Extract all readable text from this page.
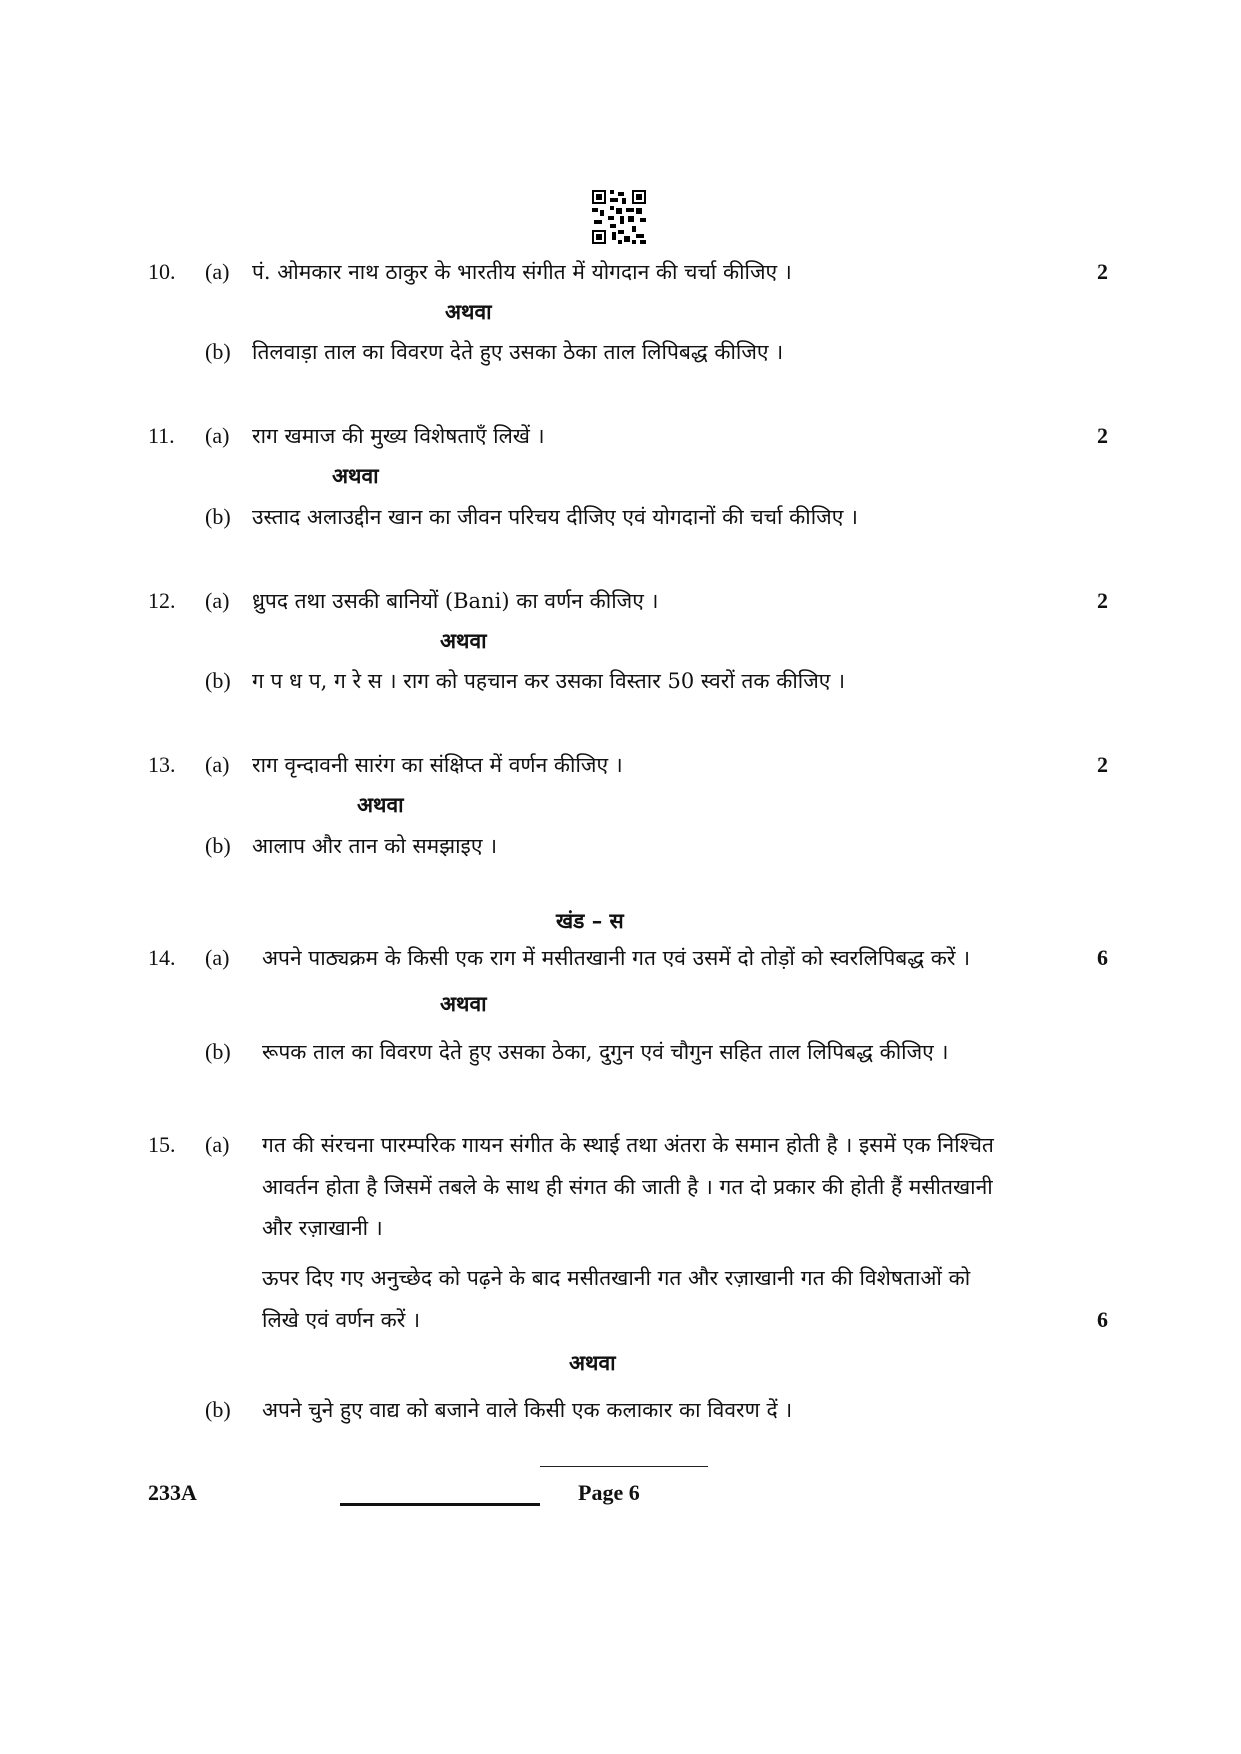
10. (a) पं. ओमकार नाथ ठाकुर के भारतीय संगीत में योगदान की चर्चा कीजिए ।	2
अथवा
(b) तिलवाड़ा ताल का विवरण देते हुए उसका ठेका ताल लिपिबद्ध कीजिए ।
11. (a) राग खमाज की मुख्य विशेषताएँ लिखें ।	2
अथवा
(b) उस्ताद अलाउद्दीन खान का जीवन परिचय दीजिए एवं योगदानों की चर्चा कीजिए ।
12. (a) ध्रुपद तथा उसकी बानियों (Bani) का वर्णन कीजिए ।	2
अथवा
(b) ग प ध प, ग रे स । राग को पहचान कर उसका विस्तार 50 स्वरों तक कीजिए ।
13. (a) राग वृन्दावनी सारंग का संक्षिप्त में वर्णन कीजिए ।	2
अथवा
(b) आलाप और तान को समझाइए ।
खंड – स
14. (a) अपने पाठ्यक्रम के किसी एक राग में मसीतखानी गत एवं उसमें दो तोड़ों को स्वरलिपिबद्ध करें ।	6
अथवा
(b) रूपक ताल का विवरण देते हुए उसका ठेका, दुगुन एवं चौगुन सहित ताल लिपिबद्ध कीजिए ।
15. (a) गत की संरचना पारम्परिक गायन संगीत के स्थाई तथा अंतरा के समान होती है । इसमें एक निश्चित
आवर्तन होता है जिसमें तबले के साथ ही संगत की जाती है । गत दो प्रकार की होती हैं मसीतखानी
और रज़ाखानी ।
ऊपर दिए गए अनुच्छेद को पढ़ने के बाद मसीतखानी गत और रज़ाखानी गत की विशेषताओं को
लिखे एवं वर्णन करें ।	6
अथवा
(b) अपने चुने हुए वाद्य को बजाने वाले किसी एक कलाकार का विवरण दें ।
233A	Page 6
